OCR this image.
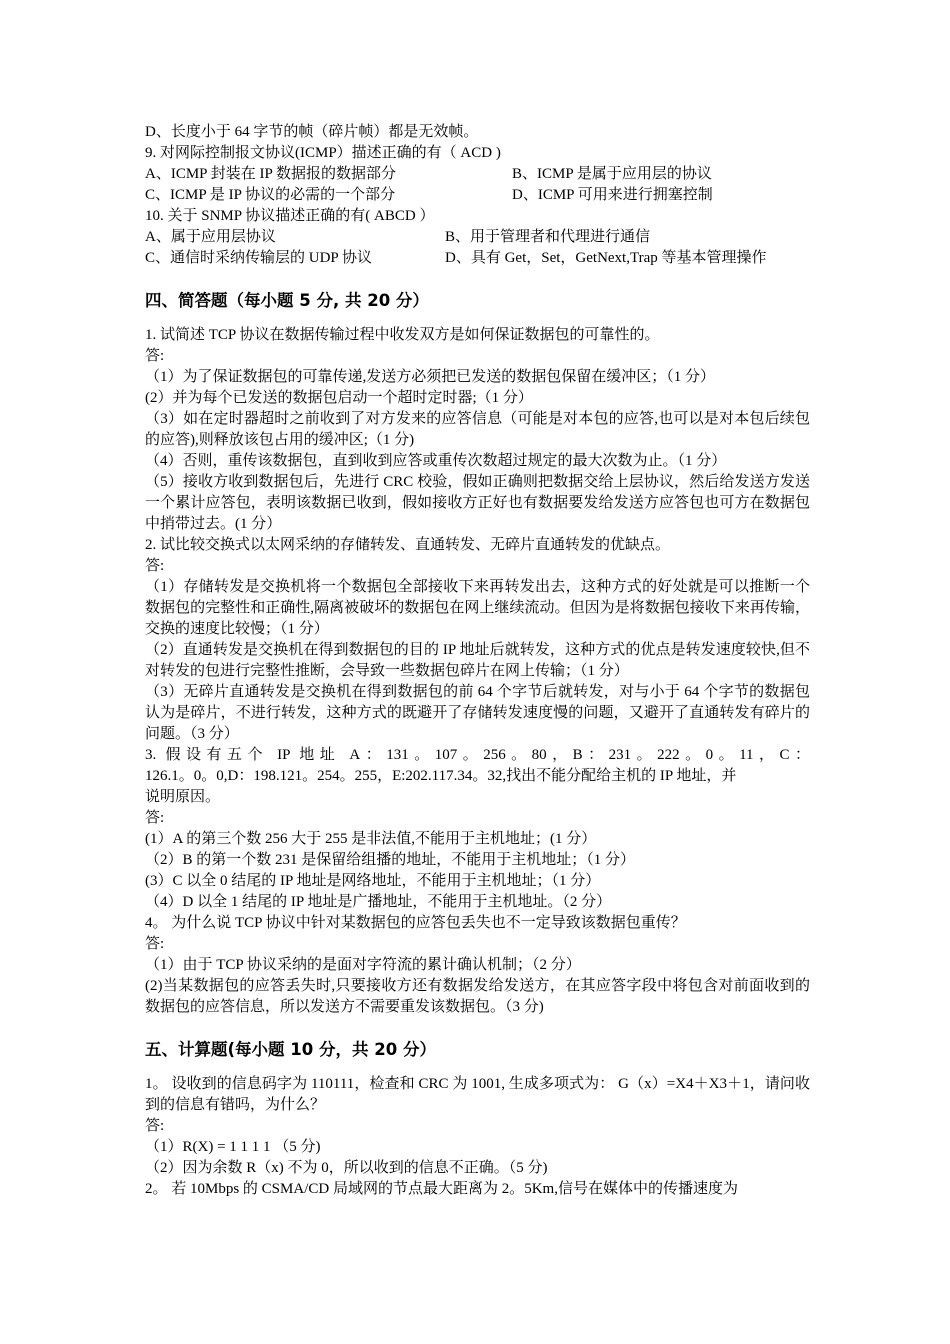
D、长度小于 64 字节的帧（碎片帧）都是无效帧。
9. 对网际控制报文协议(ICMP）描述正确的有（ ACD )
A、ICMP 封装在 IP 数据报的数据部分	B、ICMP 是属于应用层的协议
C、ICMP 是 IP 协议的必需的一个部分	D、ICMP 可用来进行拥塞控制
10. 关于 SNMP 协议描述正确的有( ABCD ）
A、属于应用层协议	B、用于管理者和代理进行通信
C、通信时采纳传输层的 UDP 协议	D、具有 Get，Set，GetNext,Trap 等基本管理操作
四、简答题（每小题 5 分, 共 20 分）
1. 试简述 TCP 协议在数据传输过程中收发双方是如何保证数据包的可靠性的。
答:
（1）为了保证数据包的可靠传递,发送方必须把已发送的数据包保留在缓冲区；（1 分）
(2）并为每个已发送的数据包启动一个超时定时器;（1 分）
（3）如在定时器超时之前收到了对方发来的应答信息（可能是对本包的应答,也可以是对本包后续包的应答),则释放该包占用的缓冲区;（1 分)
（4）否则，重传该数据包，直到收到应答或重传次数超过规定的最大次数为止。（1 分）
（5）接收方收到数据包后，先进行 CRC 校验，假如正确则把数据交给上层协议，然后给发送方发送一个累计应答包，表明该数据已收到，假如接收方正好也有数据要发给发送方应答包也可方在数据包中捎带过去。(1 分）
2. 试比较交换式以太网采纳的存储转发、直通转发、无碎片直通转发的优缺点。
答:
（1）存储转发是交换机将一个数据包全部接收下来再转发出去，这种方式的好处就是可以推断一个数据包的完整性和正确性,隔离被破坏的数据包在网上继续流动。但因为是将数据包接收下来再传输，交换的速度比较慢；（1 分）
（2）直通转发是交换机在得到数据包的目的 IP 地址后就转发，这种方式的优点是转发速度较快,但不对转发的包进行完整性推断，会导致一些数据包碎片在网上传输；（1 分）
（3）无碎片直通转发是交换机在得到数据包的前 64 个字节后就转发，对与小于 64 个字节的数据包认为是碎片，不进行转发，这种方式的既避开了存储转发速度慢的问题，又避开了直通转发有碎片的问题。（3 分）
3. 假设有五个 IP 地址 A：131。107。256。80，B：231。222。0。11，C：
126.1。0。0,D：198.121。254。255，E:202.117.34。32,找出不能分配给主机的 IP 地址，并
说明原因。
答:
(1）A 的第三个数 256 大于 255 是非法值,不能用于主机地址；(1 分）
（2）B 的第一个数 231 是保留给组播的地址，不能用于主机地址；（1 分）
(3）C 以全 0 结尾的 IP 地址是网络地址，不能用于主机地址；（1 分）
（4）D 以全 1 结尾的 IP 地址是广播地址，不能用于主机地址。（2 分）
4。 为什么说 TCP 协议中针对某数据包的应答包丢失也不一定导致该数据包重传？
答:
（1）由于 TCP 协议采纳的是面对字符流的累计确认机制；（2 分）
(2)当某数据包的应答丢失时,只要接收方还有数据发给发送方，在其应答字段中将包含对前面收到的数据包的应答信息，所以发送方不需要重发该数据包。（3 分)
五、计算题(每小题 10 分，共 20 分）
1。 设收到的信息码字为 110111，检查和 CRC 为 1001, 生成多项式为： G（x）=X4＋X3＋1，请问收到的信息有错吗，为什么？
答:
（1）R(X) = 1 1 1 1 （5 分)
（2）因为余数 R（x) 不为 0，所以收到的信息不正确。（5 分)
2。 若 10Mbps 的 CSMA/CD 局域网的节点最大距离为 2。5Km,信号在媒体中的传播速度为
